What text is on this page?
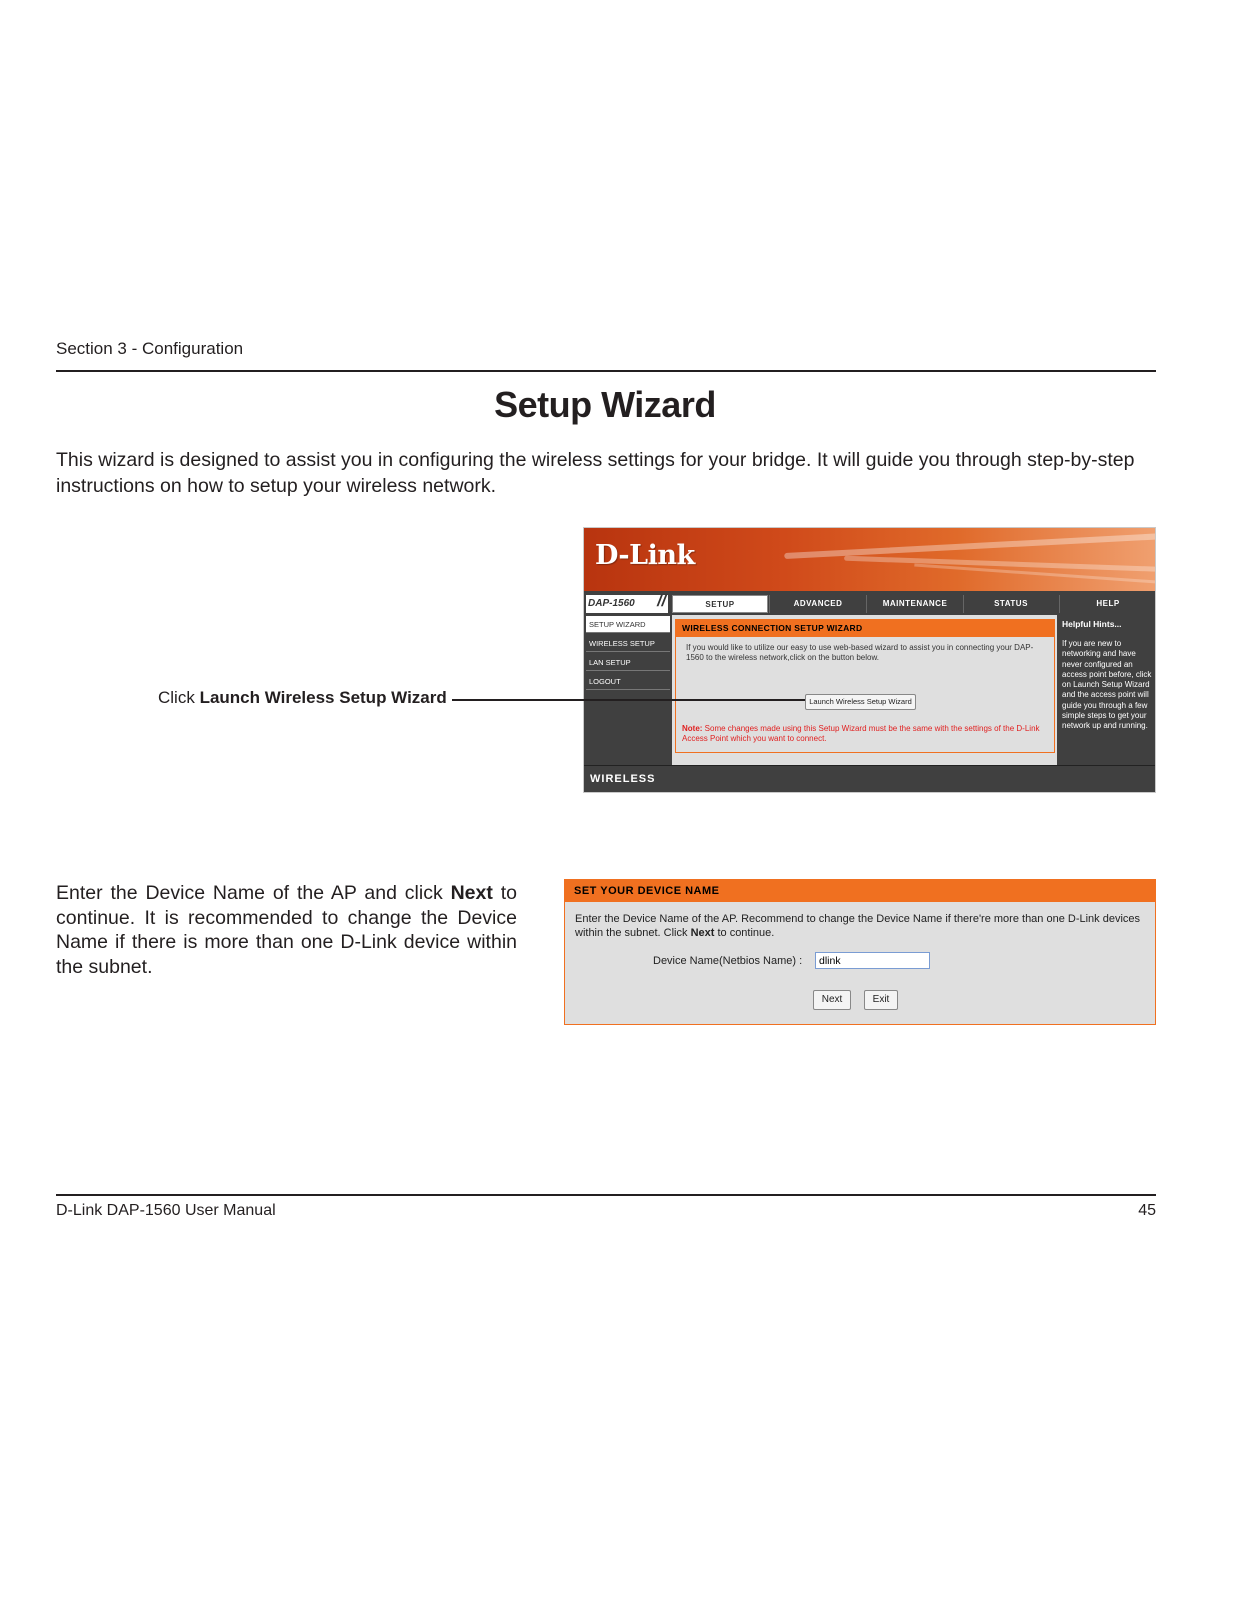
Section 3 - Configuration
Setup Wizard
This wizard is designed to assist you in configuring the wireless settings for your bridge. It will guide you through step-by-step instructions on how to setup your wireless network.
D-Link
DAP-1560 //	SETUP	ADVANCED	MAINTENANCE	STATUS	HELP
SETUP WIZARD
WIRELESS SETUP
LAN SETUP
LOGOUT
WIRELESS CONNECTION SETUP WIZARD
If you would like to utilize our easy to use web-based wizard to assist you in connecting your DAP-1560 to the wireless network,click on the button below.
Launch Wireless Setup Wizard
Note: Some changes made using this Setup Wizard must be the same with the settings of the D-Link Access Point which you want to connect.
Helpful Hints...
If you are new to networking and have never configured an access point before, click on Launch Setup Wizard and the access point will guide you through a few simple steps to get your network up and running.
WIRELESS
Click Launch Wireless Setup Wizard
Enter the Device Name of the AP and click Next to continue. It is recommended to change the Device Name if there is more than one D-Link device within the subnet.
SET YOUR DEVICE NAME
Enter the Device Name of the AP. Recommend to change the Device Name if there're more than one D-Link devices within the subnet. Click Next to continue.
Device Name(Netbios Name) :
dlink
Next	Exit
D-Link DAP-1560 User Manual	45
